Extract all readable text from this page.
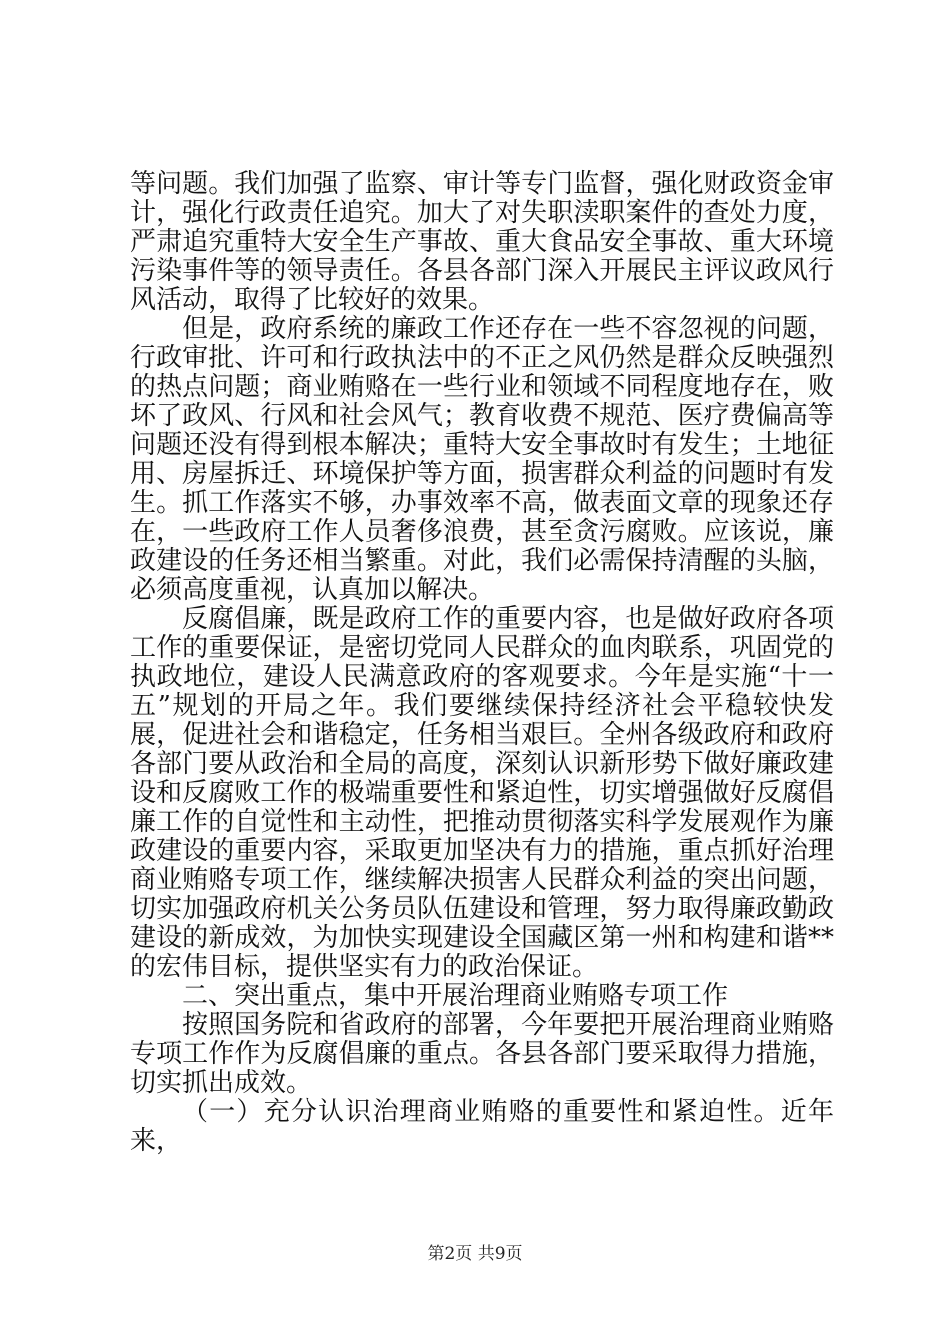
等问题。我们加强了监察、审计等专门监督，强化财政资金审计，强化行政责任追究。加大了对失职渎职案件的查处力度，严肃追究重特大安全生产事故、重大食品安全事故、重大环境污染事件等的领导责任。各县各部门深入开展民主评议政风行风活动，取得了比较好的效果。

但是，政府系统的廉政工作还存在一些不容忽视的问题，行政审批、许可和行政执法中的不正之风仍然是群众反映强烈的热点问题；商业贿赂在一些行业和领域不同程度地存在，败坏了政风、行风和社会风气；教育收费不规范、医疗费偏高等问题还没有得到根本解决；重特大安全事故时有发生；土地征用、房屋拆迁、环境保护等方面，损害群众利益的问题时有发生。抓工作落实不够，办事效率不高，做表面文章的现象还存在，一些政府工作人员奢侈浪费，甚至贪污腐败。应该说，廉政建设的任务还相当繁重。对此，我们必需保持清醒的头脑，必须高度重视，认真加以解决。

反腐倡廉，既是政府工作的重要内容，也是做好政府各项工作的重要保证，是密切党同人民群众的血肉联系，巩固党的执政地位，建设人民满意政府的客观要求。今年是实施“十一五”规划的开局之年。我们要继续保持经济社会平稳较快发展，促进社会和谐稳定，任务相当艰巨。全州各级政府和政府各部门要从政治和全局的高度，深刻认识新形势下做好廉政建设和反腐败工作的极端重要性和紧迫性，切实增强做好反腐倡廉工作的自觉性和主动性，把推动贯彻落实科学发展观作为廉政建设的重要内容，采取更加坚决有力的措施，重点抓好治理商业贿赂专项工作，继续解决损害人民群众利益的突出问题，切实加强政府机关公务员队伍建设和管理，努力取得廉政勤政建设的新成效，为加快实现建设全国藏区第一州和构建和谐**的宏伟目标，提供坚实有力的政治保证。

二、突出重点，集中开展治理商业贿赂专项工作

按照国务院和省政府的部署，今年要把开展治理商业贿赂专项工作作为反腐倡廉的重点。各县各部门要采取得力措施，切实抓出成效。

（一）充分认识治理商业贿赂的重要性和紧迫性。近年来，

第2页 共9页
